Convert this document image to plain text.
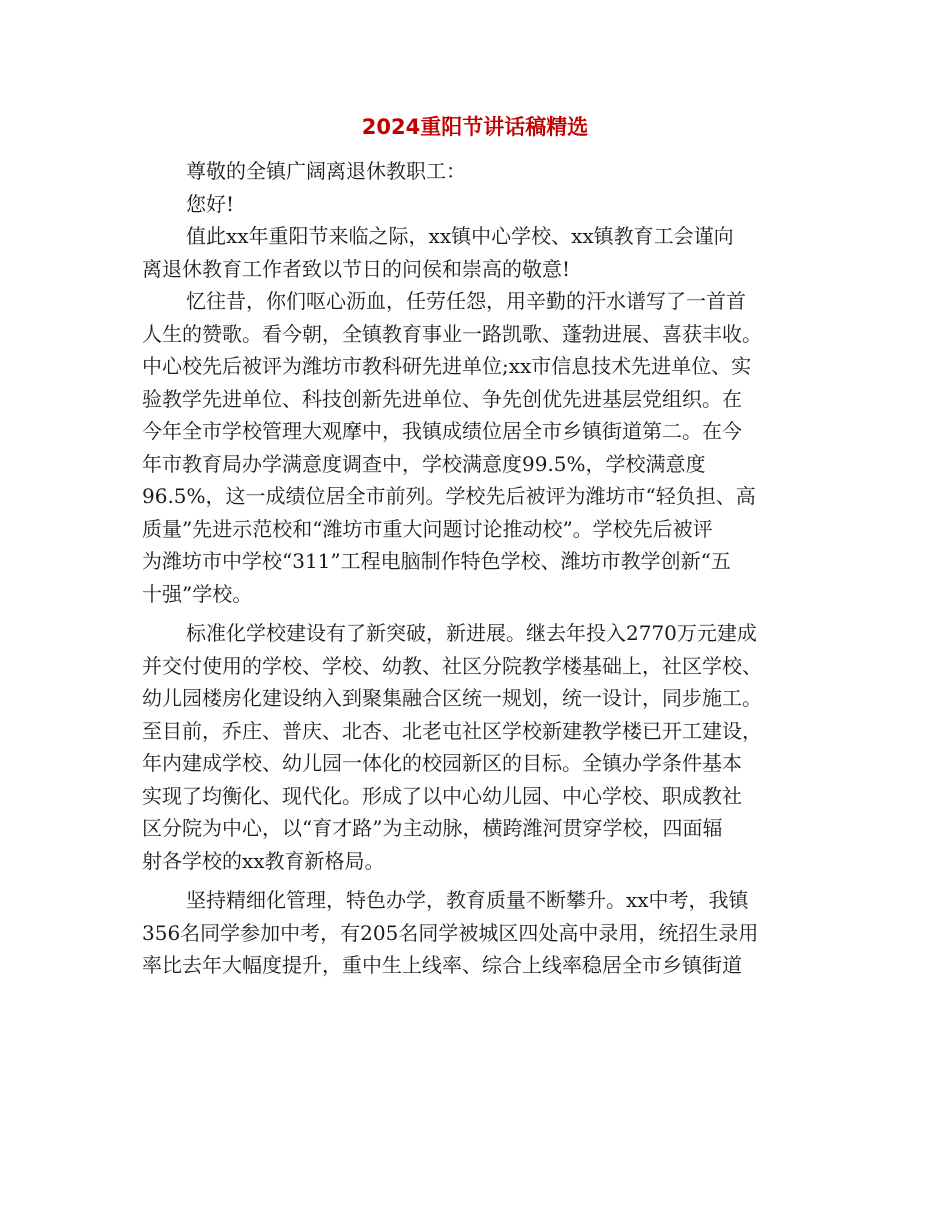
2024重阳节讲话稿精选
尊敬的全镇广阔离退休教职工：
您好!
值此xx年重阳节来临之际，xx镇中心学校、xx镇教育工会谨向
离退休教育工作者致以节日的问侯和崇高的敬意!
忆往昔，你们呕心沥血，任劳任怨，用辛勤的汗水谱写了一首首
人生的赞歌。看今朝，全镇教育事业一路凯歌、蓬勃进展、喜获丰收。
中心校先后被评为潍坊市教科研先进单位;xx市信息技术先进单位、实
验教学先进单位、科技创新先进单位、争先创优先进基层党组织。在
今年全市学校管理大观摩中，我镇成绩位居全市乡镇街道第二。在今
年市教育局办学满意度调查中，学校满意度99.5%，学校满意度
96.5%，这一成绩位居全市前列。学校先后被评为潍坊市“轻负担、高
质量”先进示范校和“潍坊市重大问题讨论推动校”。学校先后被评
为潍坊市中学校“311”工程电脑制作特色学校、潍坊市教学创新“五
十强”学校。
标准化学校建设有了新突破，新进展。继去年投入2770万元建成
并交付使用的学校、学校、幼教、社区分院教学楼基础上，社区学校、
幼儿园楼房化建设纳入到聚集融合区统一规划，统一设计，同步施工。
至目前，乔庄、普庆、北杏、北老屯社区学校新建教学楼已开工建设，
年内建成学校、幼儿园一体化的校园新区的目标。全镇办学条件基本
实现了均衡化、现代化。形成了以中心幼儿园、中心学校、职成教社
区分院为中心，以“育才路”为主动脉，横跨潍河贯穿学校，四面辐
射各学校的xx教育新格局。
坚持精细化管理，特色办学，教育质量不断攀升。xx中考，我镇
356名同学参加中考，有205名同学被城区四处高中录用，统招生录用
率比去年大幅度提升，重中生上线率、综合上线率稳居全市乡镇街道
